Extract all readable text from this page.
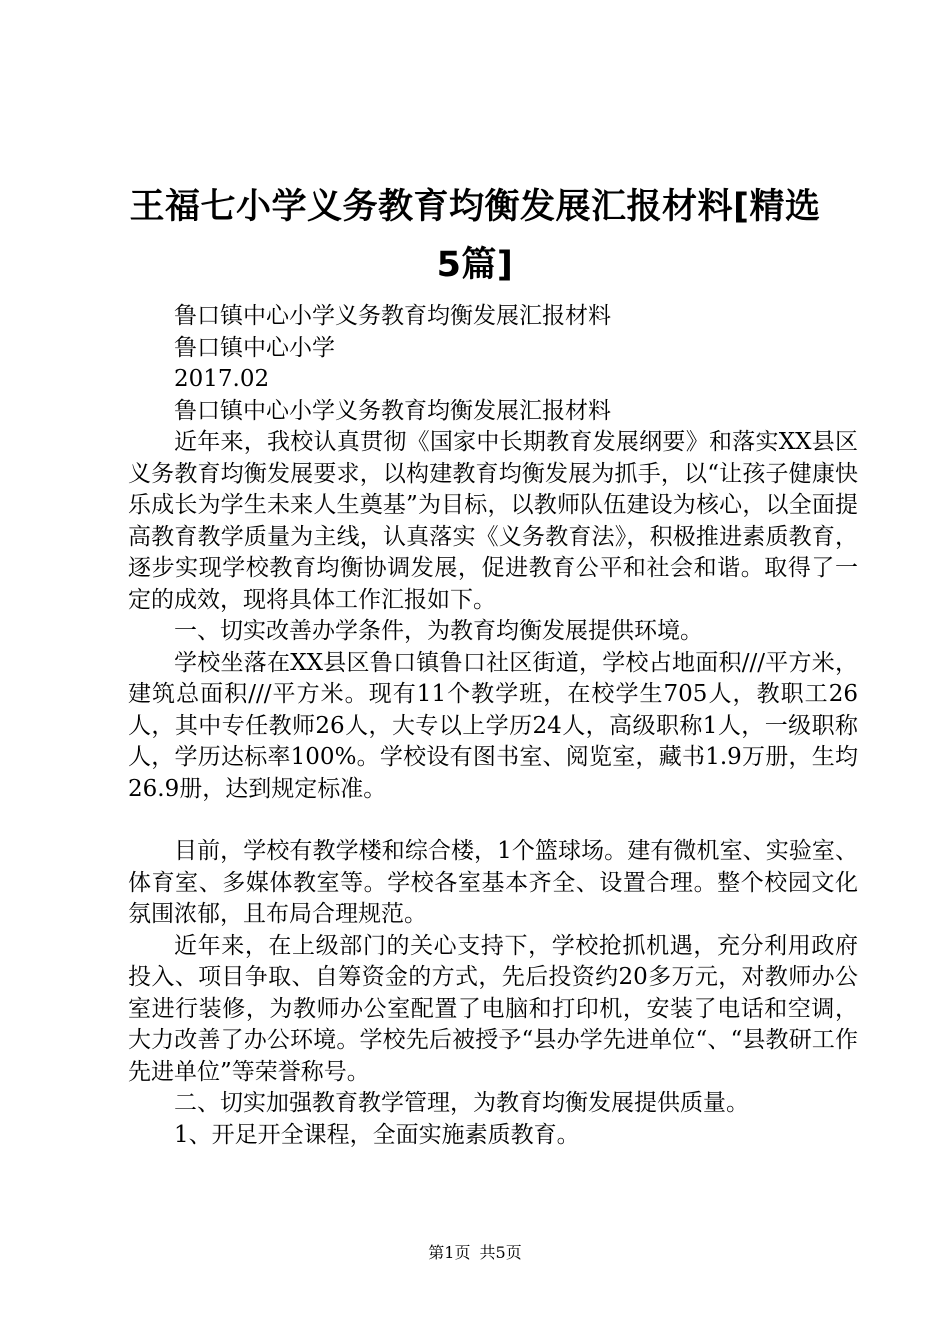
王福七小学义务教育均衡发展汇报材料[精选
5篇]

鲁口镇中心小学义务教育均衡发展汇报材料

鲁口镇中心小学

2017.02

鲁口镇中心小学义务教育均衡发展汇报材料

近年来，我校认真贯彻《国家中长期教育发展纲要》和落实XX县区义务教育均衡发展要求，以构建教育均衡发展为抓手，以“让孩子健康快乐成长为学生未来人生奠基”为目标，以教师队伍建设为核心，以全面提高教育教学质量为主线，认真落实《义务教育法》，积极推进素质教育，逐步实现学校教育均衡协调发展，促进教育公平和社会和谐。取得了一定的成效，现将具体工作汇报如下。

一、切实改善办学条件，为教育均衡发展提供环境。

学校坐落在XX县区鲁口镇鲁口社区街道，学校占地面积///平方米，建筑总面积///平方米。现有11个教学班，在校学生705人，教职工26人，其中专任教师26人，大专以上学历24人，高级职称1人，一级职称人，学历达标率100%。学校设有图书室、阅览室，藏书1.9万册，生均26.9册，达到规定标准。

目前，学校有教学楼和综合楼，1个篮球场。建有微机室、实验室、体育室、多媒体教室等。学校各室基本齐全、设置合理。整个校园文化氛围浓郁，且布局合理规范。

近年来，在上级部门的关心支持下，学校抢抓机遇，充分利用政府投入、项目争取、自筹资金的方式，先后投资约20多万元，对教师办公室进行装修，为教师办公室配置了电脑和打印机，安装了电话和空调，大力改善了办公环境。学校先后被授予“县办学先进单位“、“县教研工作先进单位”等荣誉称号。

二、切实加强教育教学管理，为教育均衡发展提供质量。

1、开足开全课程，全面实施素质教育。

第1页 共5页
